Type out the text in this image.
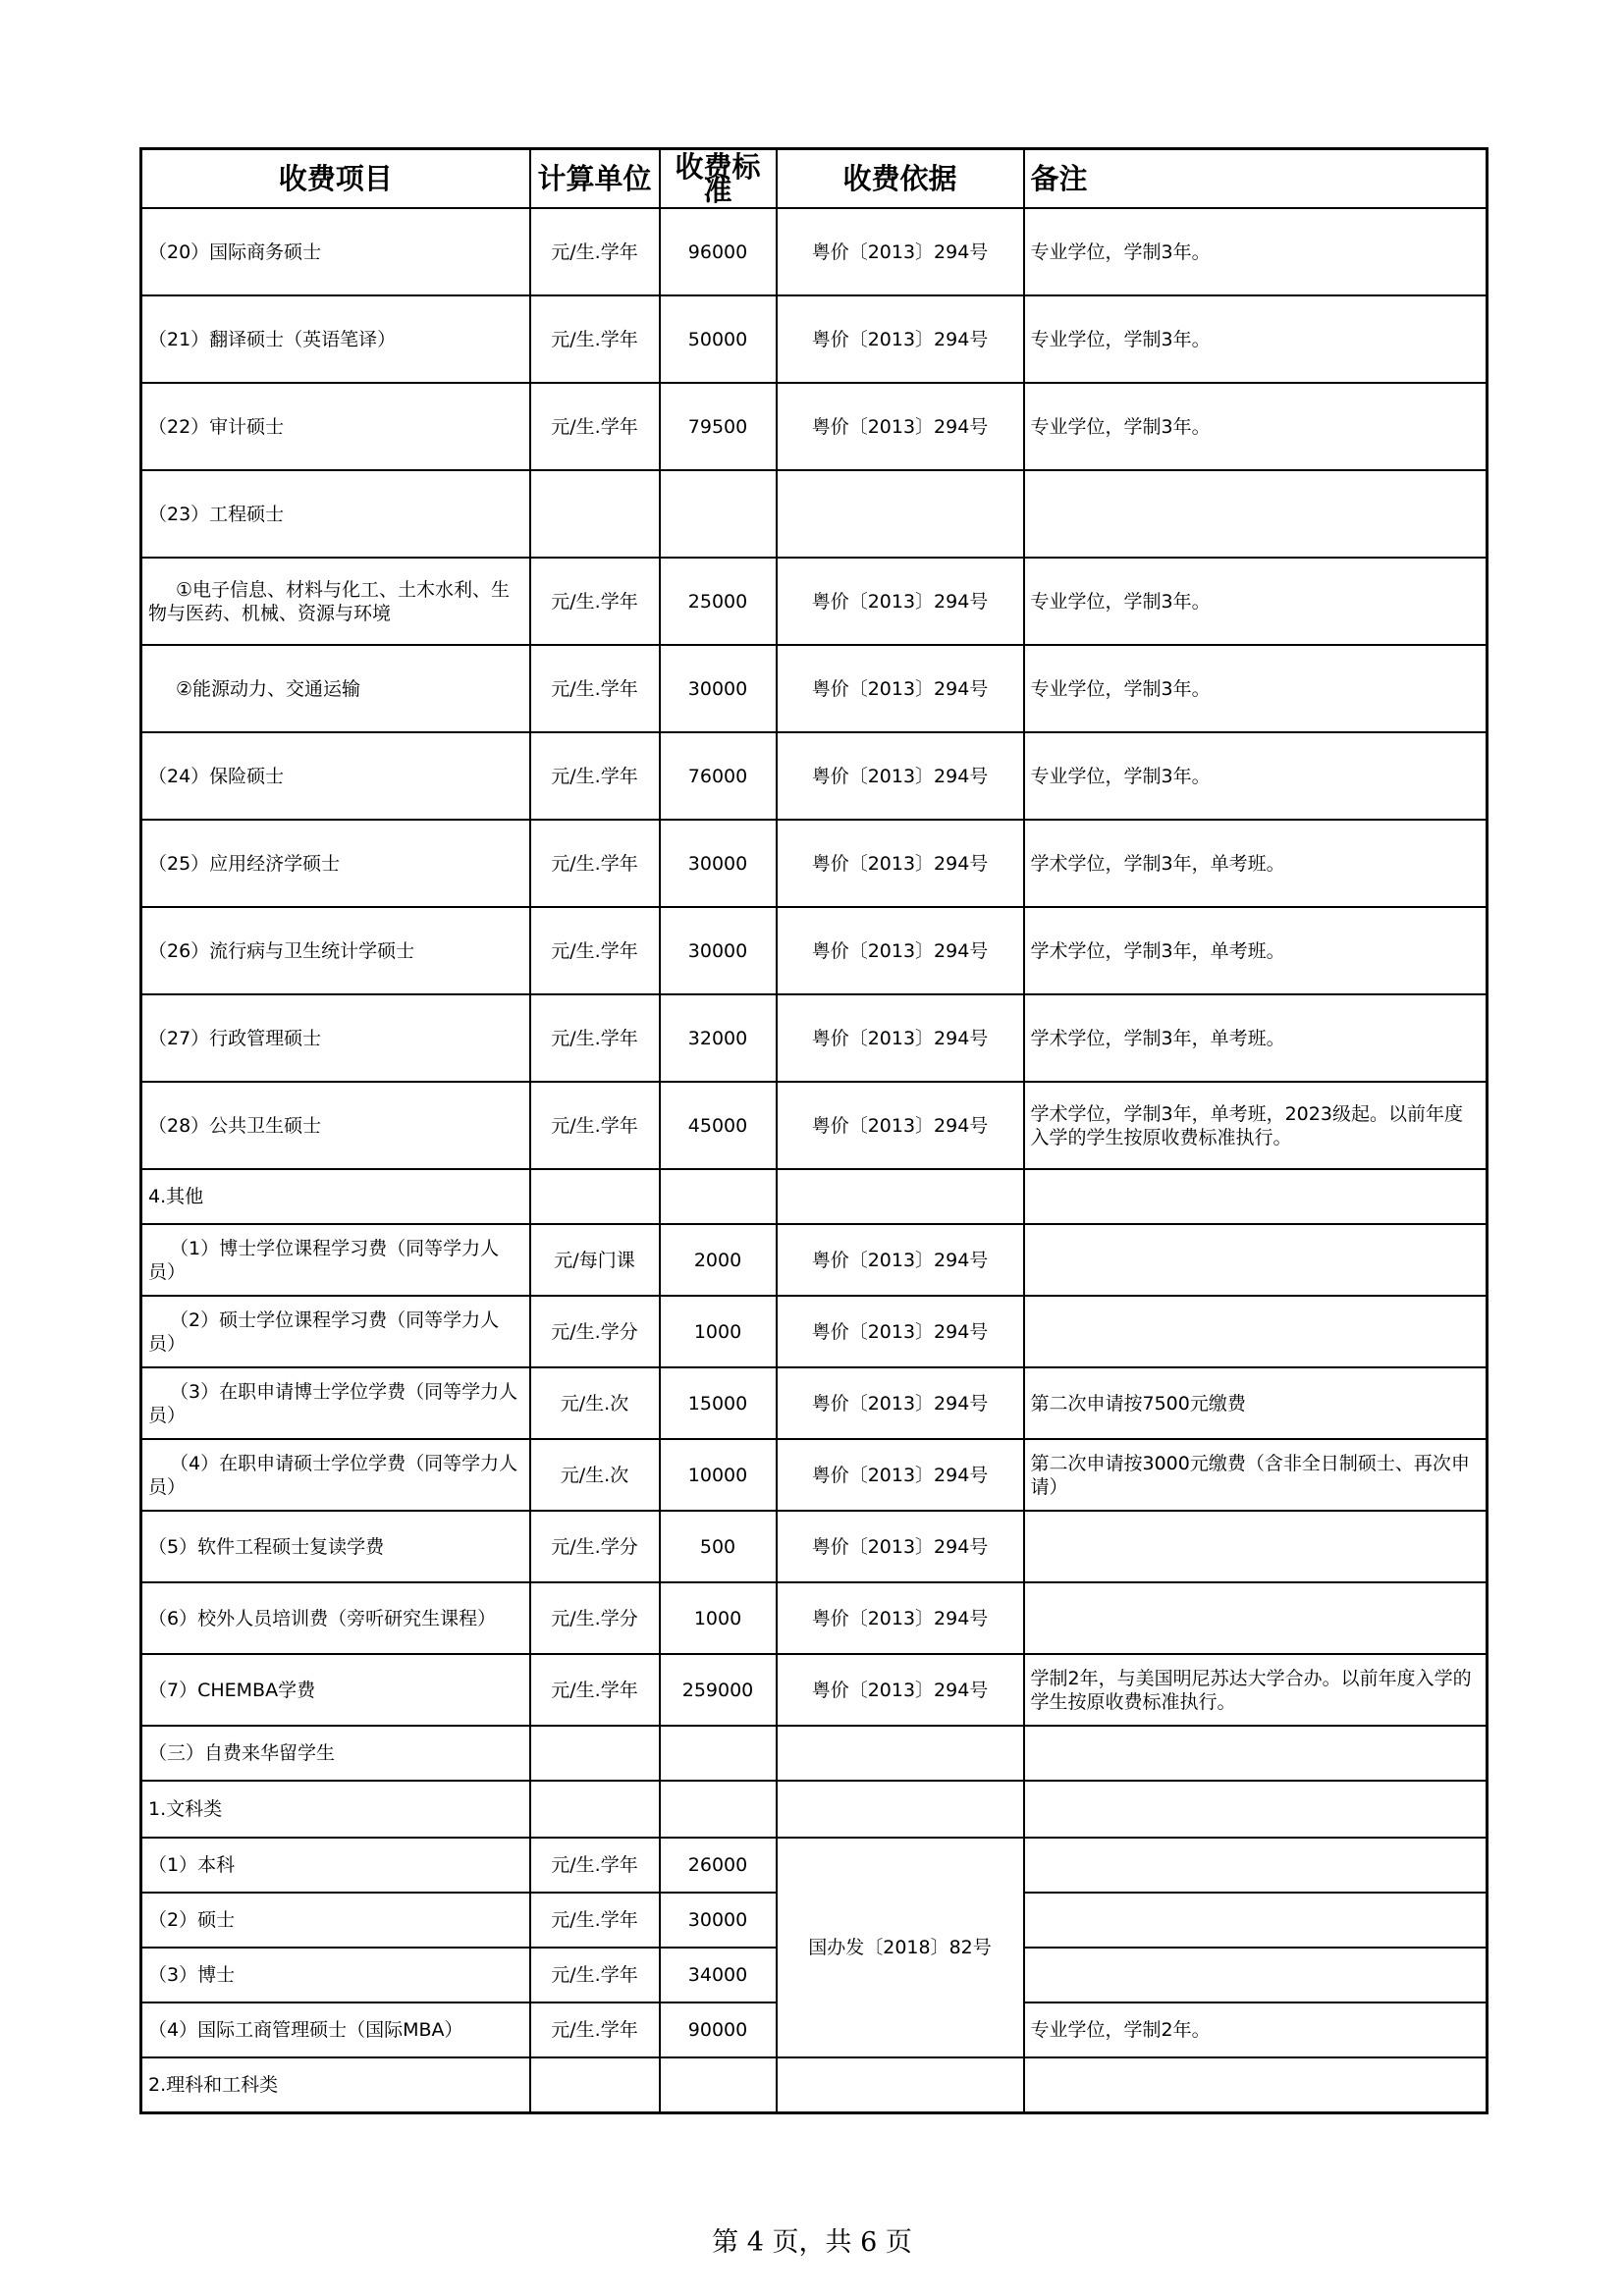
收费项目	计算单位	收费标准	收费依据	备注
（20）国际商务硕士	元/生.学年	96000	粤价〔2013〕294号	专业学位，学制3年。
（21）翻译硕士（英语笔译）	元/生.学年	50000	粤价〔2013〕294号	专业学位，学制3年。
（22）审计硕士	元/生.学年	79500	粤价〔2013〕294号	专业学位，学制3年。
（23）工程硕士				
①电子信息、材料与化工、土木水利、生物与医药、机械、资源与环境	元/生.学年	25000	粤价〔2013〕294号	专业学位，学制3年。
②能源动力、交通运输	元/生.学年	30000	粤价〔2013〕294号	专业学位，学制3年。
（24）保险硕士	元/生.学年	76000	粤价〔2013〕294号	专业学位，学制3年。
（25）应用经济学硕士	元/生.学年	30000	粤价〔2013〕294号	学术学位，学制3年，单考班。
（26）流行病与卫生统计学硕士	元/生.学年	30000	粤价〔2013〕294号	学术学位，学制3年，单考班。
（27）行政管理硕士	元/生.学年	32000	粤价〔2013〕294号	学术学位，学制3年，单考班。
（28）公共卫生硕士	元/生.学年	45000	粤价〔2013〕294号	学术学位，学制3年，单考班，2023级起。以前年度入学的学生按原收费标准执行。
4.其他				
（1）博士学位课程学习费（同等学力人员）	元/每门课	2000	粤价〔2013〕294号	
（2）硕士学位课程学习费（同等学力人员）	元/生.学分	1000	粤价〔2013〕294号	
（3）在职申请博士学位学费（同等学力人员）	元/生.次	15000	粤价〔2013〕294号	第二次申请按7500元缴费
（4）在职申请硕士学位学费（同等学力人员）	元/生.次	10000	粤价〔2013〕294号	第二次申请按3000元缴费（含非全日制硕士、再次申请）
（5）软件工程硕士复读学费	元/生.学分	500	粤价〔2013〕294号	
（6）校外人员培训费（旁听研究生课程）	元/生.学分	1000	粤价〔2013〕294号	
（7）CHEMBA学费	元/生.学年	259000	粤价〔2013〕294号	学制2年，与美国明尼苏达大学合办。以前年度入学的学生按原收费标准执行。
（三）自费来华留学生				
1.文科类				
（1）本科	元/生.学年	26000	国办发〔2018〕82号	
（2）硕士	元/生.学年	30000		
（3）博士	元/生.学年	34000		
（4）国际工商管理硕士（国际MBA）	元/生.学年	90000		专业学位，学制2年。
2.理科和工科类				
第 4 页，共 6 页
